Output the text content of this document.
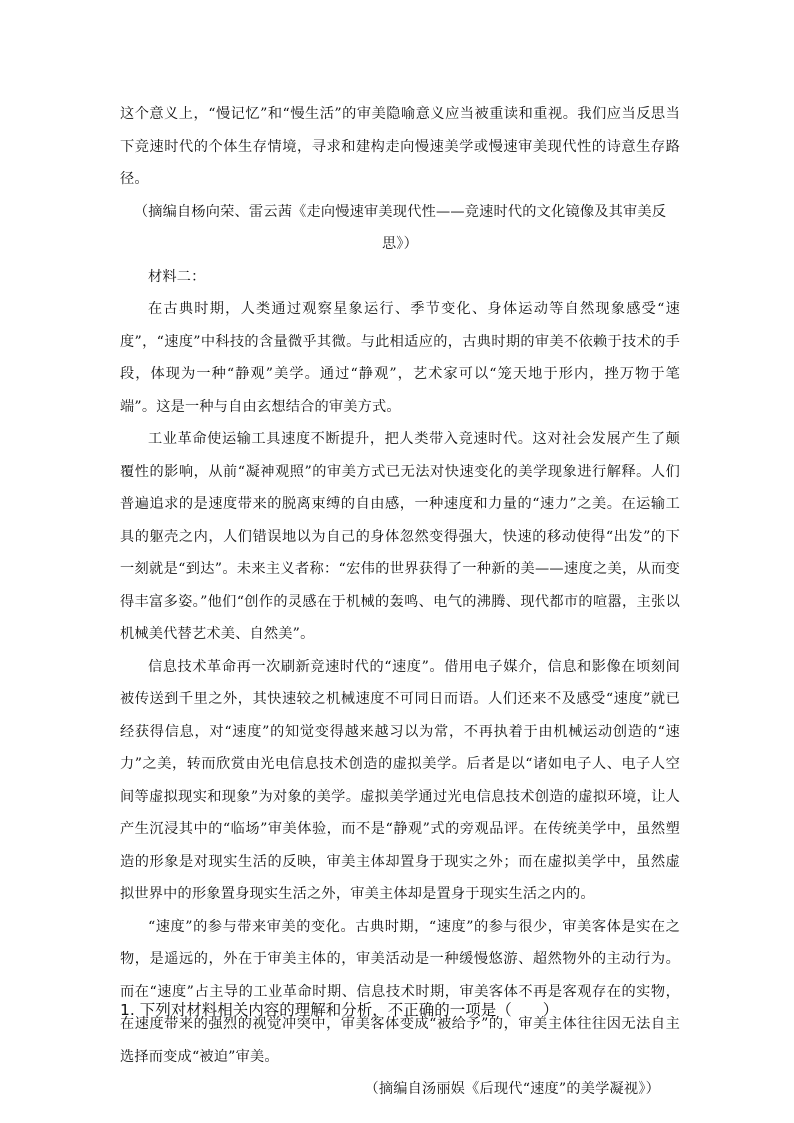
这个意义上，“慢记忆”和“慢生活”的审美隐喻意义应当被重读和重视。我们应当反思当下竞速时代的个体生存情境，寻求和建构走向慢速美学或慢速审美现代性的诗意生存路径。

（摘编自杨向荣、雷云茜《走向慢速审美现代性——竞速时代的文化镜像及其审美反思》）

材料二：

在古典时期，人类通过观察星象运行、季节变化、身体运动等自然现象感受“速度”，“速度”中科技的含量微乎其微。与此相适应的，古典时期的审美不依赖于技术的手段，体现为一种“静观”美学。通过“静观”，艺术家可以“笼天地于形内，挫万物于笔端”。这是一种与自由玄想结合的审美方式。

工业革命使运输工具速度不断提升，把人类带入竞速时代。这对社会发展产生了颠覆性的影响，从前“凝神观照”的审美方式已无法对快速变化的美学现象进行解释。人们普遍追求的是速度带来的脱离束缚的自由感，一种速度和力量的“速力”之美。在运输工具的躯壳之内，人们错误地以为自己的身体忽然变得强大，快速的移动使得“出发”的下一刻就是“到达”。未来主义者称：“宏伟的世界获得了一种新的美——速度之美，从而变得丰富多姿。”他们“创作的灵感在于机械的轰鸣、电气的沸腾、现代都市的喧嚣，主张以机械美代替艺术美、自然美”。

信息技术革命再一次刷新竞速时代的“速度”。借用电子媒介，信息和影像在顷刻间被传送到千里之外，其快速较之机械速度不可同日而语。人们还来不及感受“速度”就已经获得信息，对“速度”的知觉变得越来越习以为常，不再执着于由机械运动创造的“速力”之美，转而欣赏由光电信息技术创造的虚拟美学。后者是以“诸如电子人、电子人空间等虚拟现实和现象”为对象的美学。虚拟美学通过光电信息技术创造的虚拟环境，让人产生沉浸其中的“临场”审美体验，而不是“静观”式的旁观品评。在传统美学中，虽然塑造的形象是对现实生活的反映，审美主体却置身于现实之外；而在虚拟美学中，虽然虚拟世界中的形象置身现实生活之外，审美主体却是置身于现实生活之内的。

“速度”的参与带来审美的变化。古典时期，“速度”的参与很少，审美客体是实在之物，是遥远的，外在于审美主体的，审美活动是一种缓慢悠游、超然物外的主动行为。而在“速度”占主导的工业革命时期、信息技术时期，审美客体不再是客观存在的实物，在速度带来的强烈的视觉冲突中，审美客体变成“被给予”的，审美主体往往因无法自主选择而变成“被迫”审美。

（摘编自汤丽娱《后现代“速度”的美学凝视》）

1. 下列对材料相关内容的理解和分析，不正确的一项是（　　）
